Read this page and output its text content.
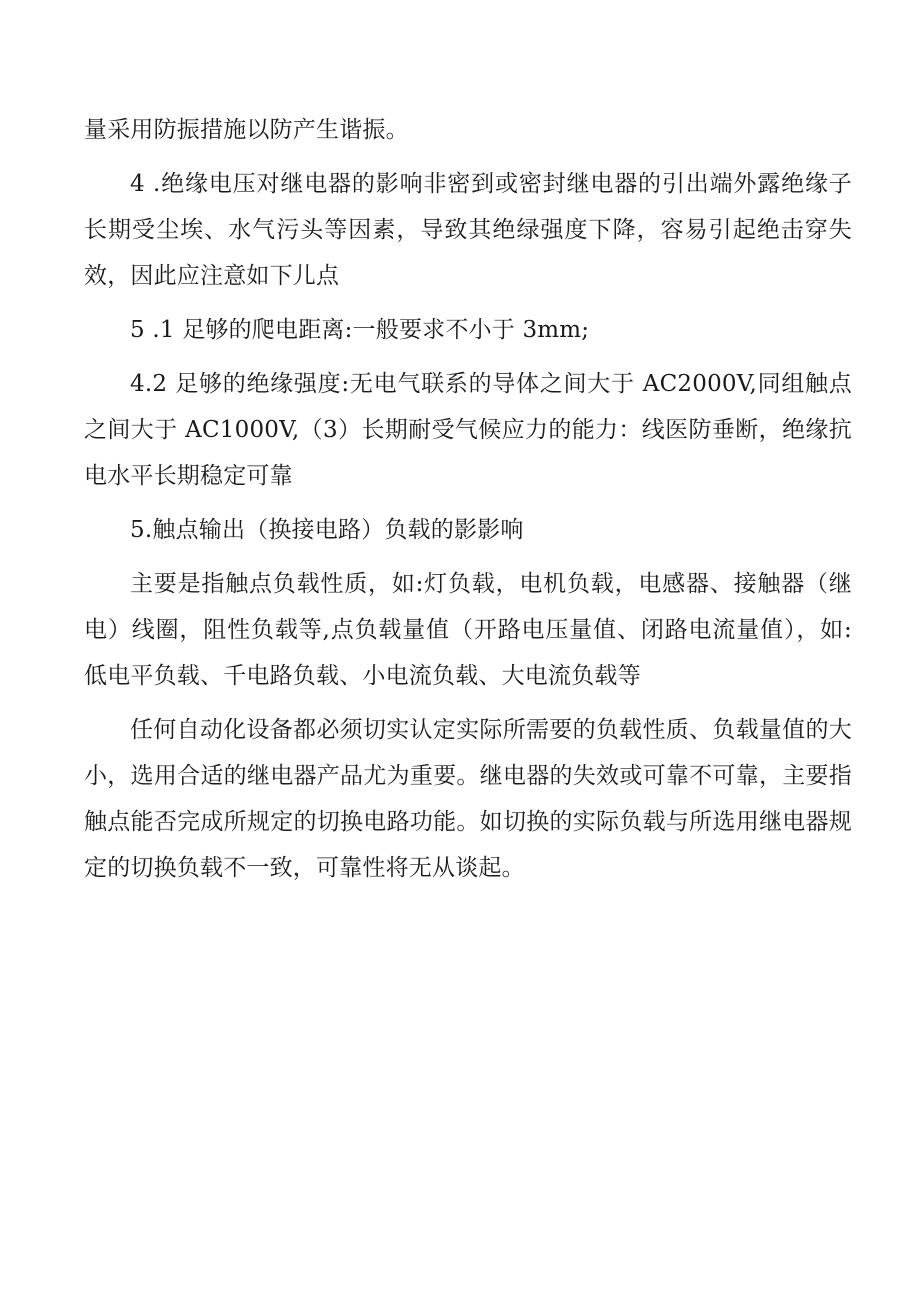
量采用防振措施以防产生谐振。

4 .绝缘电压对继电器的影响非密到或密封继电器的引出端外露绝缘子长期受尘埃、水气污头等因素，导致其绝绿强度下降，容易引起绝击穿失效，因此应注意如下儿点

5 .1 足够的爬电距离:一般要求不小于 3mm;

4.2 足够的绝缘强度:无电气联系的导体之间大于 AC2000V,同组触点之间大于 AC1000V,（3）长期耐受气候应力的能力：线医防垂断，绝缘抗电水平长期稳定可靠

5.触点输出（换接电路）负载的影影响

主要是指触点负载性质，如:灯负载，电机负载，电感器、接触器（继电）线圈，阻性负载等,点负载量值（开路电压量值、闭路电流量值），如:低电平负载、千电路负载、小电流负载、大电流负载等

任何自动化设备都必须切实认定实际所需要的负载性质、负载量值的大小，选用合适的继电器产品尤为重要。继电器的失效或可靠不可靠，主要指触点能否完成所规定的切换电路功能。如切换的实际负载与所选用继电器规定的切换负载不一致，可靠性将无从谈起。
